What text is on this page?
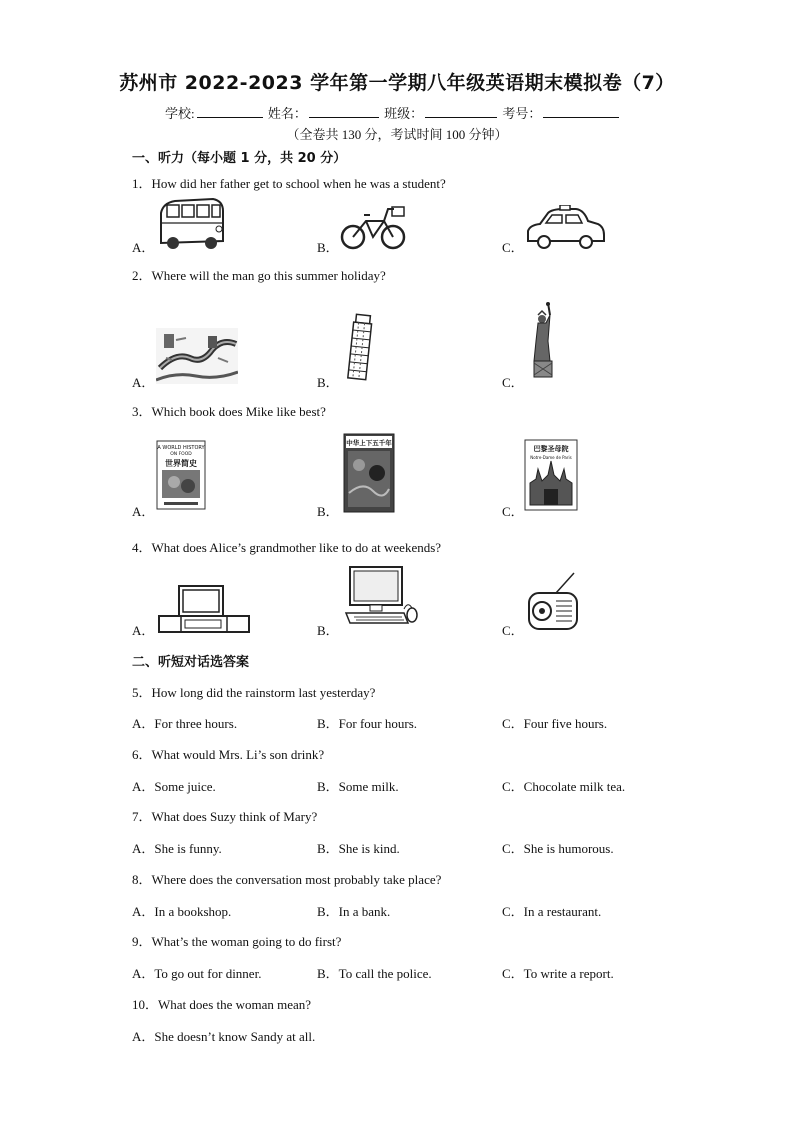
苏州市 2022-2023 学年第一学期八年级英语期末模拟卷（7）
学校:	姓名：	班级：	考号：
（全卷共 130 分，考试时间 100 分钟）
一、听力（每小题 1 分，共 20 分）
1．How did her father get to school when he was a student?
A．	B．	C．
2．Where will the man go this summer holiday?
A．	B．	C．
3．Which book does Mike like best?
A．
A WORLD HISTORY
ON FOOD
世界简史
B．
中华上下五千年
C．
巴黎圣母院
Notre-Dame de Paris
4．What does Alice’s grandmother like to do at weekends?
A．	B．	C．
二、听短对话选答案
5．How long did the rainstorm last yesterday?
A．For three hours.	B．For four hours.	C．Four five hours.
6．What would Mrs. Li’s son drink?
A．Some juice.	B．Some milk.	C．Chocolate milk tea.
7．What does Suzy think of Mary?
A．She is funny.	B．She is kind.	C．She is humorous.
8．Where does the conversation most probably take place?
A．In a bookshop.	B．In a bank.	C．In a restaurant.
9．What’s the woman going to do first?
A．To go out for dinner.	B．To call the police.	C．To write a report.
10．What does the woman mean?
A．She doesn’t know Sandy at all.
